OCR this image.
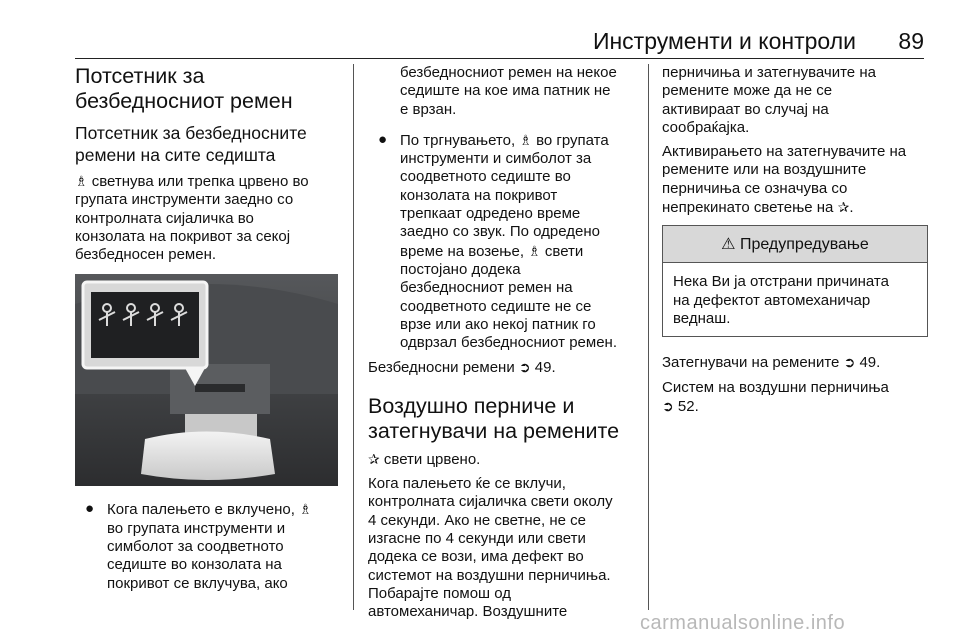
Инструменти и контроли 89
Потсетник за
безбедносниот ремен
Потсетник за безбедносните
ремени на сите седишта

♗ светнува или трепка црвено во
групата инструменти заедно со
контролната сијаличка во
конзолата на покривот за секој
безбедносен ремен.

● Кога палењето е вклучено, ♗
во групата инструменти и
симболот за соодветното
седиште во конзолата на
покривот се вклучува, ако
безбедносниот ремен на некое
седиште на кое има патник не
е врзан.
● По тргнувањето, ♗ во групата
инструменти и симболот за
соодветното седиште во
конзолата на покривот
трепкаат одредено време
заедно со звук. По одредено
време на возење, ♗ свети
постојано додека
безбедносниот ремен на
соодветното седиште не се
врзе или ако некој патник го
одврзал безбедносниот ремен.

Безбедносни ремени ➲ 49.

Воздушно перниче и
затегнувачи на ремените

✰ свети црвено.

Кога палењето ќе се вклучи,
контролната сијаличка свети околу
4 секунди. Ако не светне, не се
изгасне по 4 секунди или свети
додека се вози, има дефект во
системот на воздушни перничиња.
Побарајте помош од
автомеханичар. Воздушните

перничињa и затегнувачите на
ремените може да не се
активираат во случај на
сообраќајка.

Активирањето на затегнувачите на
ремените или на воздушните
перничиња се означува со
непрекинато светење на ✰.

⚠ Предупредување
Нека Ви ја отстрани причината
на дефектот автомеханичар
веднаш.

Затегнувачи на ремените ➲ 49.

Систем на воздушни перничиња
➲ 52.

carmanualsonline.info
